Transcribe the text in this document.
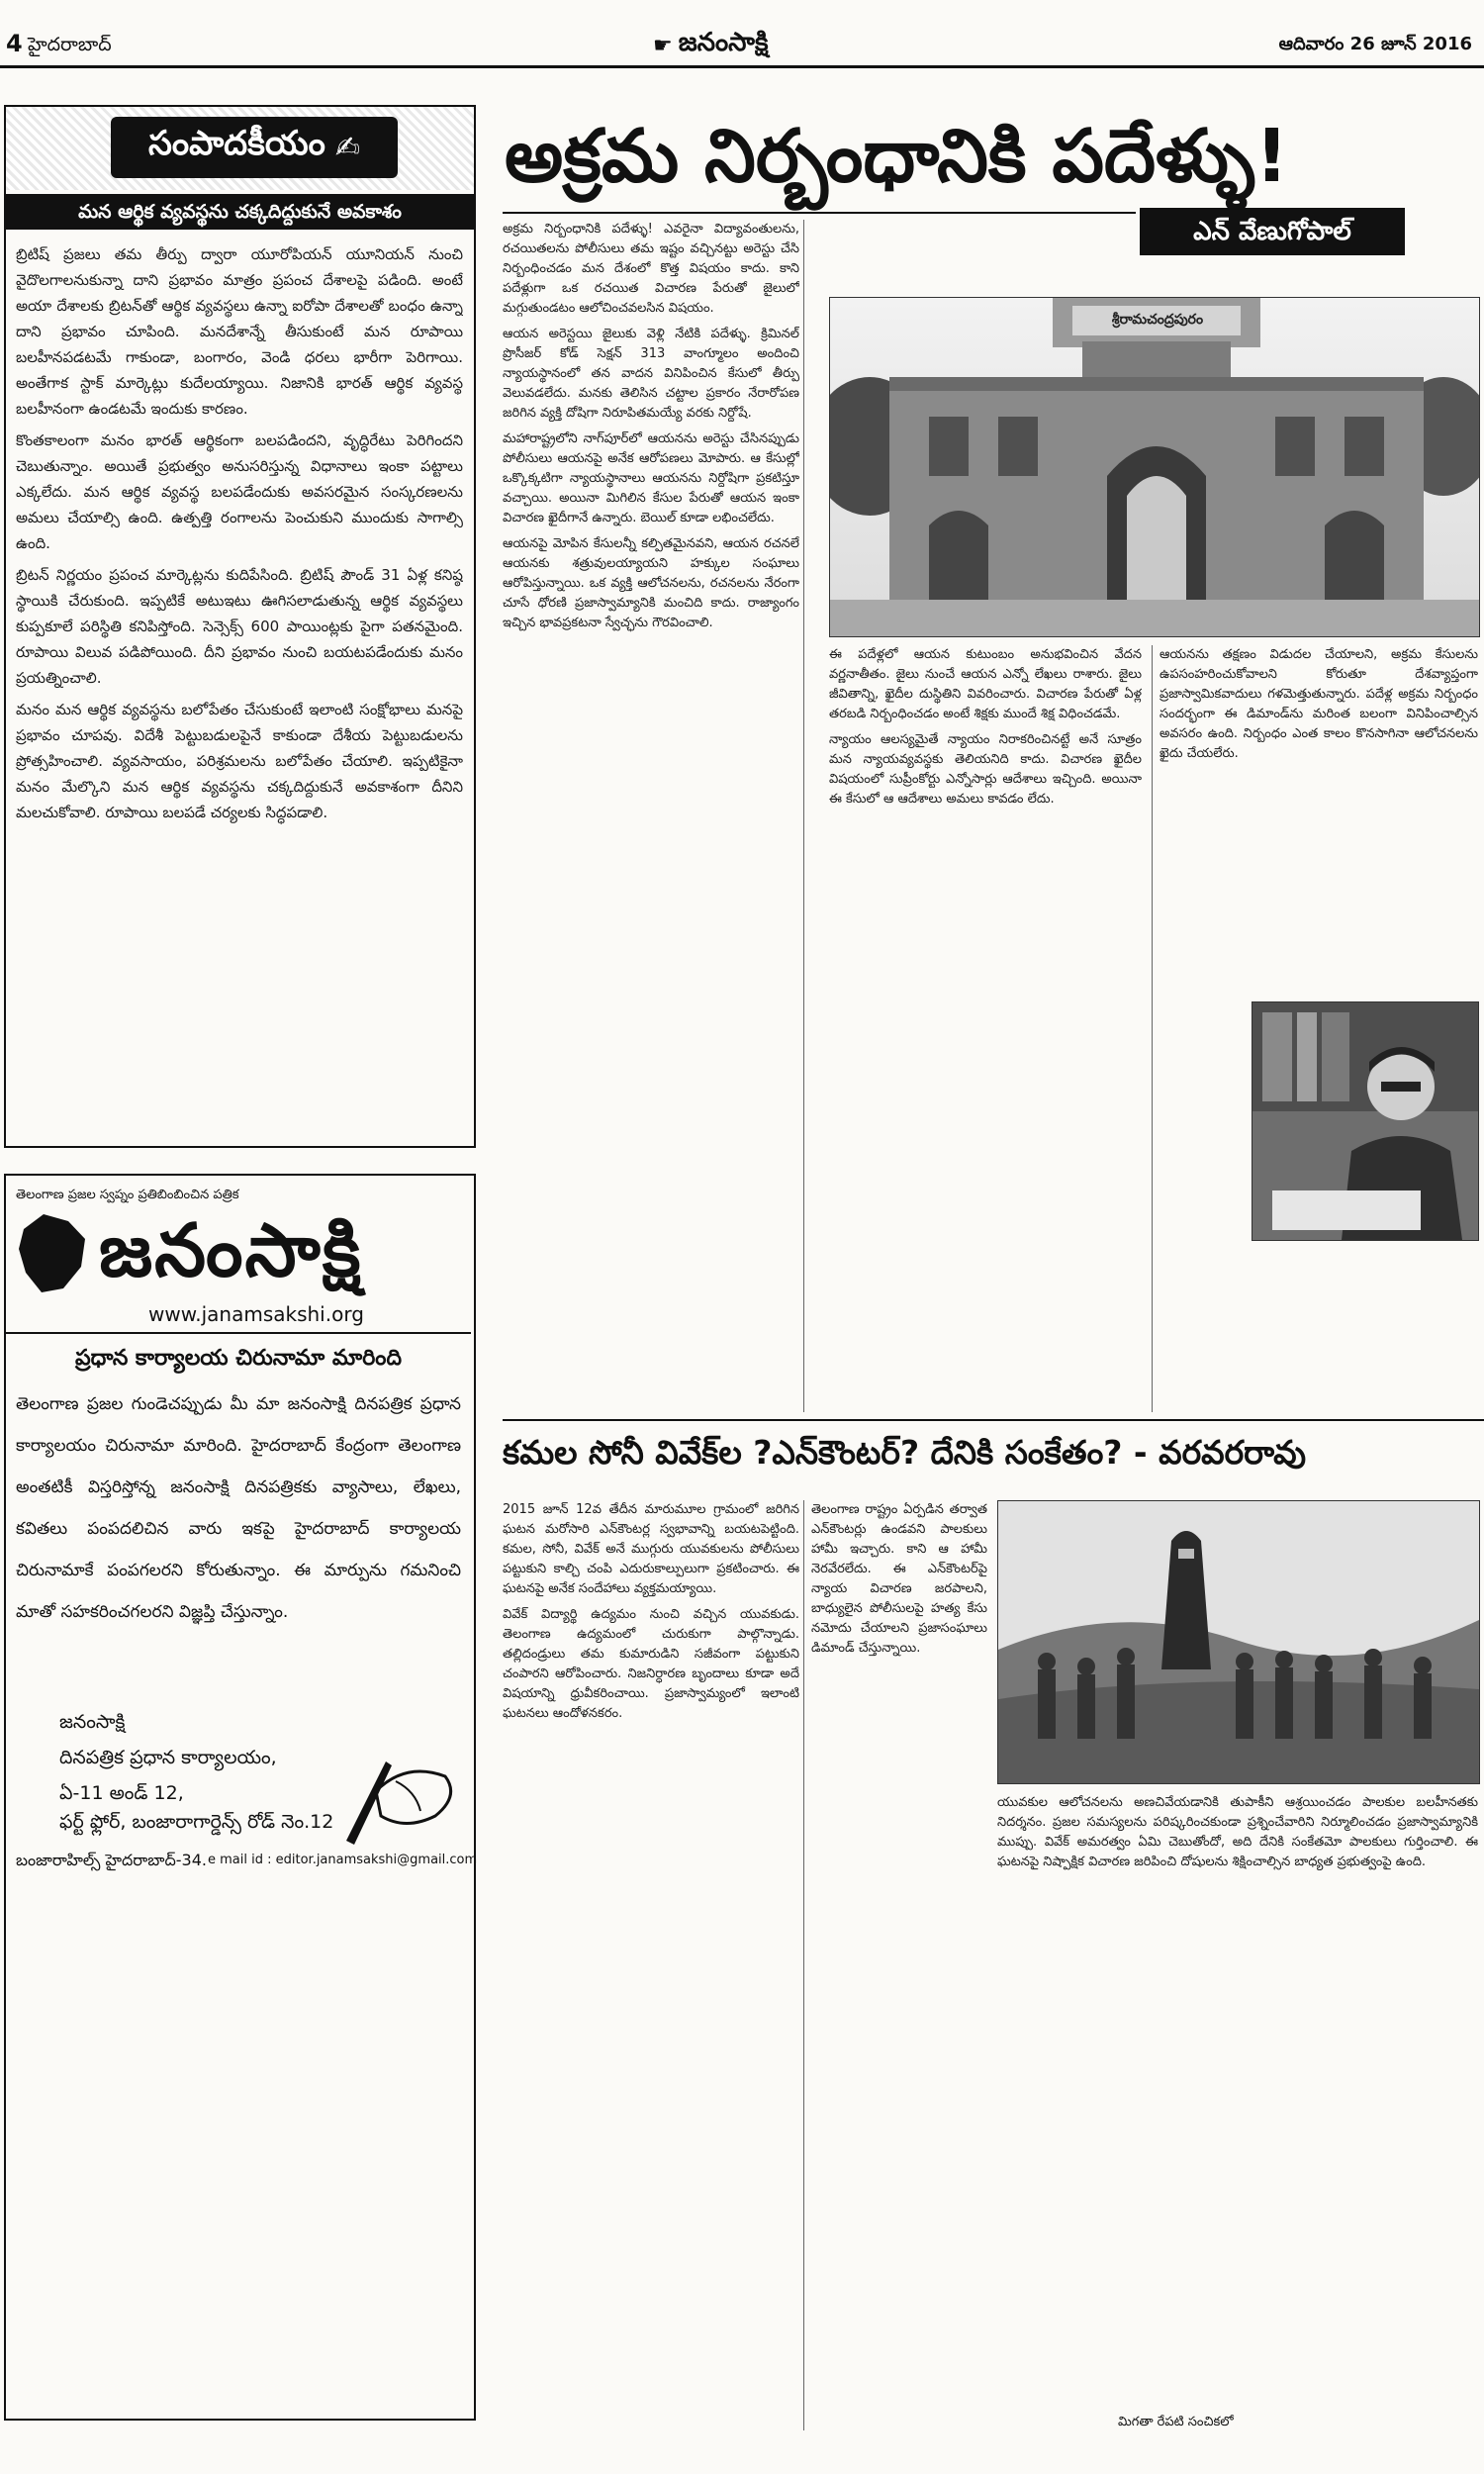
4 హైదరాబాద్	☛ జనంసాక్షి	ఆదివారం 26 జూన్ 2016
సంపాదకీయం ✍
మన ఆర్థిక వ్యవస్థను చక్కదిద్దుకునే అవకాశం

బ్రిటిష్ ప్రజలు తమ తీర్పు ద్వారా యూరోపియన్ యూనియన్ నుంచి వైదొలగాలనుకున్నా దాని ప్రభావం మాత్రం ప్రపంచ దేశాలపై పడింది. అంటే అయా దేశాలకు బ్రిటన్‌తో ఆర్థిక వ్యవస్థలు ఉన్నా ఐరోపా దేశాలతో బంధం ఉన్నా దాని ప్రభావం చూపింది. మనదేశాన్నే తీసుకుంటే మన రూపాయి బలహీనపడటమే గాకుండా, బంగారం, వెండి ధరలు భారీగా పెరిగాయి. అంతేగాక స్టాక్ మార్కెట్లు కుదేలయ్యాయి. నిజానికి భారత్ ఆర్థిక వ్యవస్థ బలహీనంగా ఉండటమే ఇందుకు కారణం.

కొంతకాలంగా మనం భారత్‌ ఆర్థికంగా బలపడిందని, వృద్ధిరేటు పెరిగిందని చెబుతున్నాం. అయితే ప్రభుత్వం అనుసరిస్తున్న విధానాలు ఇంకా పట్టాలు ఎక్కలేదు. మన ఆర్థిక వ్యవస్థ బలపడేందుకు అవసరమైన సంస్కరణలను అమలు చేయాల్సి ఉంది. ఉత్పత్తి రంగాలను పెంచుకుని ముందుకు సాగాల్సి ఉంది.

బ్రిటన్ నిర్ణయం ప్రపంచ మార్కెట్లను కుదిపేసింది. బ్రిటిష్ పౌండ్ 31 ఏళ్ల కనిష్ఠ స్థాయికి చేరుకుంది. ఇప్పటికే అటుఇటు ఊగిసలాడుతున్న ఆర్థిక వ్యవస్థలు కుప్పకూలే పరిస్థితి కనిపిస్తోంది. సెన్సెక్స్ 600 పాయింట్లకు పైగా పతనమైంది. రూపాయి విలువ పడిపోయింది. దీని ప్రభావం నుంచి బయటపడేందుకు మనం ప్రయత్నించాలి.

మనం మన ఆర్థిక వ్యవస్థను బలోపేతం చేసుకుంటే ఇలాంటి సంక్షోభాలు మనపై ప్రభావం చూపవు. విదేశీ పెట్టుబడులపైనే కాకుండా దేశీయ పెట్టుబడులను ప్రోత్సహించాలి. వ్యవసాయం, పరిశ్రమలను బలోపేతం చేయాలి. ఇప్పటికైనా మనం మేల్కొని మన ఆర్థిక వ్యవస్థను చక్కదిద్దుకునే అవకాశంగా దీనిని మలచుకోవాలి. రూపాయి బలపడే చర్యలకు సిద్ధపడాలి.

అక్రమ నిర్బంధానికి పదేళ్ళు!
ఎన్ వేణుగోపాల్

అక్రమ నిర్బంధానికి పదేళ్ళు! ఎవరైనా విద్యావంతులను, రచయితలను పోలీసులు తమ ఇష్టం వచ్చినట్టు అరెస్టు చేసి నిర్బంధించడం మన దేశంలో కొత్త విషయం కాదు. కాని పదేళ్లుగా ఒక రచయిత విచారణ పేరుతో జైలులో మగ్గుతుండటం ఆలోచించవలసిన విషయం.

ఆయన అరెస్టయి జైలుకు వెళ్లి నేటికి పదేళ్ళు. క్రిమినల్ ప్రొసీజర్ కోడ్ సెక్షన్ 313 వాంగ్మూలం అందించి న్యాయస్థానంలో తన వాదన వినిపించిన కేసులో తీర్పు వెలువడలేదు. మనకు తెలిసిన చట్టాల ప్రకారం నేరారోపణ జరిగిన వ్యక్తి దోషిగా నిరూపితమయ్యే వరకు నిర్దోషే.

మహారాష్ట్రలోని నాగ్‌పూర్‌లో ఆయనను అరెస్టు చేసినప్పుడు పోలీసులు ఆయనపై అనేక ఆరోపణలు మోపారు. ఆ కేసుల్లో ఒక్కొక్కటిగా న్యాయస్థానాలు ఆయనను నిర్దోషిగా ప్రకటిస్తూ వచ్చాయి. అయినా మిగిలిన కేసుల పేరుతో ఆయన ఇంకా విచారణ ఖైదీగానే ఉన్నారు. బెయిల్ కూడా లభించలేదు.

ఆయనపై మోపిన కేసులన్నీ కల్పితమైనవని, ఆయన రచనలే ఆయనకు శత్రువులయ్యాయని హక్కుల సంఘాలు ఆరోపిస్తున్నాయి. ఒక వ్యక్తి ఆలోచనలను, రచనలను నేరంగా చూసే ధోరణి ప్రజాస్వామ్యానికి మంచిది కాదు. రాజ్యాంగం ఇచ్చిన భావప్రకటనా స్వేచ్ఛను గౌరవించాలి.

శ్రీరామచంద్రపురం

ఈ పదేళ్లలో ఆయన కుటుంబం అనుభవించిన వేదన వర్ణనాతీతం. జైలు నుంచే ఆయన ఎన్నో లేఖలు రాశారు. జైలు జీవితాన్ని, ఖైదీల దుస్థితిని వివరించారు. విచారణ పేరుతో ఏళ్ల తరబడి నిర్బంధించడం అంటే శిక్షకు ముందే శిక్ష విధించడమే.

న్యాయం ఆలస్యమైతే న్యాయం నిరాకరించినట్టే అనే సూత్రం మన న్యాయవ్యవస్థకు తెలియనిది కాదు. విచారణ ఖైదీల విషయంలో సుప్రీంకోర్టు ఎన్నోసార్లు ఆదేశాలు ఇచ్చింది. అయినా ఈ కేసులో ఆ ఆదేశాలు అమలు కావడం లేదు.

ఆయనను తక్షణం విడుదల చేయాలని, అక్రమ కేసులను ఉపసంహరించుకోవాలని కోరుతూ దేశవ్యాప్తంగా ప్రజాస్వామికవాదులు గళమెత్తుతున్నారు. పదేళ్ల అక్రమ నిర్బంధం సందర్భంగా ఈ డిమాండ్‌ను మరింత బలంగా వినిపించాల్సిన అవసరం ఉంది. నిర్బంధం ఎంత కాలం కొనసాగినా ఆలోచనలను ఖైదు చేయలేరు.

కమల సోనీ వివేక్‌ల ?ఎన్‌కౌంటర్? దేనికి సంకేతం? - వరవరరావు

2015 జూన్ 12వ తేదీన మారుమూల గ్రామంలో జరిగిన ఘటన మరోసారి ఎన్‌కౌంటర్ల స్వభావాన్ని బయటపెట్టింది. కమల, సోనీ, వివేక్ అనే ముగ్గురు యువకులను పోలీసులు పట్టుకుని కాల్చి చంపి ఎదురుకాల్పులుగా ప్రకటించారు. ఈ ఘటనపై అనేక సందేహాలు వ్యక్తమయ్యాయి.

వివేక్ విద్యార్థి ఉద్యమం నుంచి వచ్చిన యువకుడు. తెలంగాణ ఉద్యమంలో చురుకుగా పాల్గొన్నాడు. తల్లిదండ్రులు తమ కుమారుడిని సజీవంగా పట్టుకుని చంపారని ఆరోపించారు. నిజనిర్ధారణ బృందాలు కూడా అదే విషయాన్ని ధ్రువీకరించాయి. ప్రజాస్వామ్యంలో ఇలాంటి ఘటనలు ఆందోళనకరం.

తెలంగాణ రాష్ట్రం ఏర్పడిన తర్వాత ఎన్‌కౌంటర్లు ఉండవని పాలకులు హామీ ఇచ్చారు. కాని ఆ హామీ నెరవేరలేదు. ఈ ఎన్‌కౌంటర్‌పై న్యాయ విచారణ జరపాలని, బాధ్యులైన పోలీసులపై హత్య కేసు నమోదు చేయాలని ప్రజాసంఘాలు డిమాండ్ చేస్తున్నాయి.

యువకుల ఆలోచనలను అణచివేయడానికి తుపాకీని ఆశ్రయించడం పాలకుల బలహీనతకు నిదర్శనం. ప్రజల సమస్యలను పరిష్కరించకుండా ప్రశ్నించేవారిని నిర్మూలించడం ప్రజాస్వామ్యానికి ముప్పు. వివేక్ అమరత్వం ఏమి చెబుతోందో, అది దేనికి సంకేతమో పాలకులు గుర్తించాలి. ఈ ఘటనపై నిష్పాక్షిక విచారణ జరిపించి దోషులను శిక్షించాల్సిన బాధ్యత ప్రభుత్వంపై ఉంది.

మిగతా రేపటి సంచికలో
తెలంగాణ ప్రజల స్వప్నం ప్రతిబింబించిన పత్రిక
జనంసాక్షి
www.janamsakshi.org
ప్రధాన కార్యాలయ చిరునామా మారింది
తెలంగాణ ప్రజల గుండెచప్పుడు మీ మా జనంసాక్షి దినపత్రిక ప్రధాన కార్యాలయం చిరునామా మారింది. హైదరాబాద్ కేంద్రంగా తెలంగాణ అంతటికీ విస్తరిస్తోన్న జనంసాక్షి దినపత్రికకు వ్యాసాలు, లేఖలు, కవితలు పంపదలిచిన వారు ఇకపై హైదరాబాద్ కార్యాలయ చిరునామాకే పంపగలరని కోరుతున్నాం. ఈ మార్పును గమనించి మాతో సహకరించగలరని విజ్ఞప్తి చేస్తున్నాం.
జనంసాక్షి
దినపత్రిక ప్రధాన కార్యాలయం,
ఏ-11 అండ్ 12,
ఫర్ట్ ఫ్లోర్, బంజారాగార్డెన్స్ రోడ్ నెం.12
బంజారాహిల్స్ హైదరాబాద్-34. e mail id : editor.janamsakshi@gmail.com
